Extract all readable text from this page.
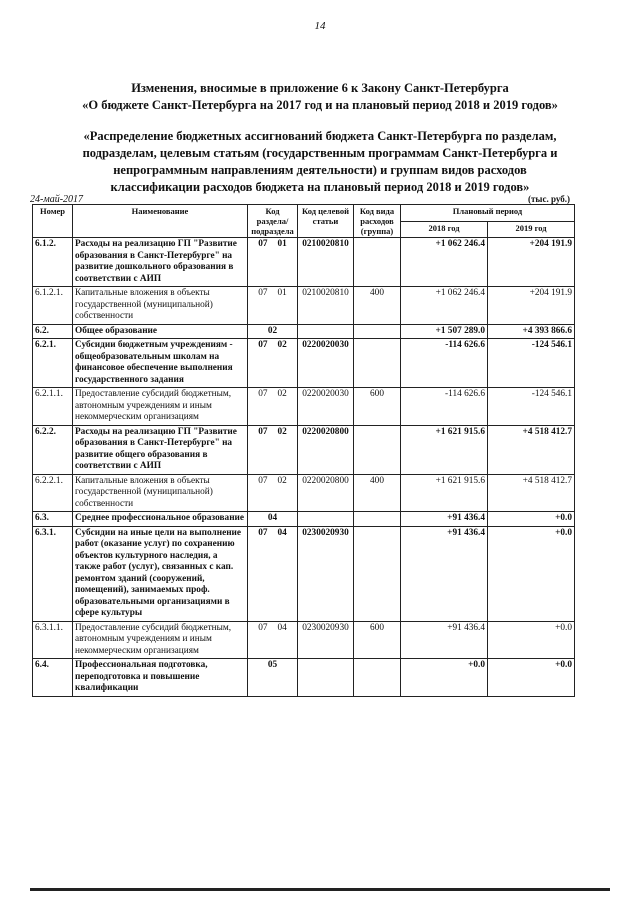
14
Изменения, вносимые в приложение 6 к Закону Санкт-Петербурга
«О бюджете Санкт-Петербурга на 2017 год и на плановый период 2018 и 2019 годов»
«Распределение бюджетных ассигнований бюджета Санкт-Петербурга по разделам,
подразделам, целевым статьям (государственным программам Санкт-Петербурга и
непрограммным направлениям деятельности) и группам видов расходов
классификации расходов бюджета на плановый период 2018 и 2019 годов»
24-май-2017	(тыс. руб.)
Номер	Наименование	Код раздела/ подраздела	Код целевой статьи	Код вида расходов (группа)	Плановый период	
					2018 год	2019 год
6.1.2.	Расходы на реализацию ГП "Развитие образования в Санкт-Петербурге" на развитие дошкольного образования в соответствии с АИП	07 01	0210020810		+1 062 246.4	+204 191.9
6.1.2.1.	Капитальные вложения в объекты государственной (муниципальной) собственности	07 01	0210020810	400	+1 062 246.4	+204 191.9
6.2.	Общее образование	02			+1 507 289.0	+4 393 866.6
6.2.1.	Субсидии бюджетным учреждениям - общеобразовательным школам на финансовое обеспечение выполнения государственного задания	07 02	0220020030		-114 626.6	-124 546.1
6.2.1.1.	Предоставление субсидий бюджетным, автономным учреждениям и иным некоммерческим организациям	07 02	0220020030	600	-114 626.6	-124 546.1
6.2.2.	Расходы на реализацию ГП "Развитие образования в Санкт-Петербурге" на развитие общего образования в соответствии с АИП	07 02	0220020800		+1 621 915.6	+4 518 412.7
6.2.2.1.	Капитальные вложения в объекты государственной (муниципальной) собственности	07 02	0220020800	400	+1 621 915.6	+4 518 412.7
6.3.	Среднее профессиональное образование	04			+91 436.4	+0.0
6.3.1.	Субсидии на иные цели на выполнение работ (оказание услуг) по сохранению объектов культурного наследия, а также работ (услуг), связанных с кап. ремонтом зданий (сооружений, помещений), занимаемых проф. образовательными организациями в сфере культуры	07 04	0230020930		+91 436.4	+0.0
6.3.1.1.	Предоставление субсидий бюджетным, автономным учреждениям и иным некоммерческим организациям	07 04	0230020930	600	+91 436.4	+0.0
6.4.	Профессиональная подготовка, переподготовка и повышение квалификации	05			+0.0	+0.0
